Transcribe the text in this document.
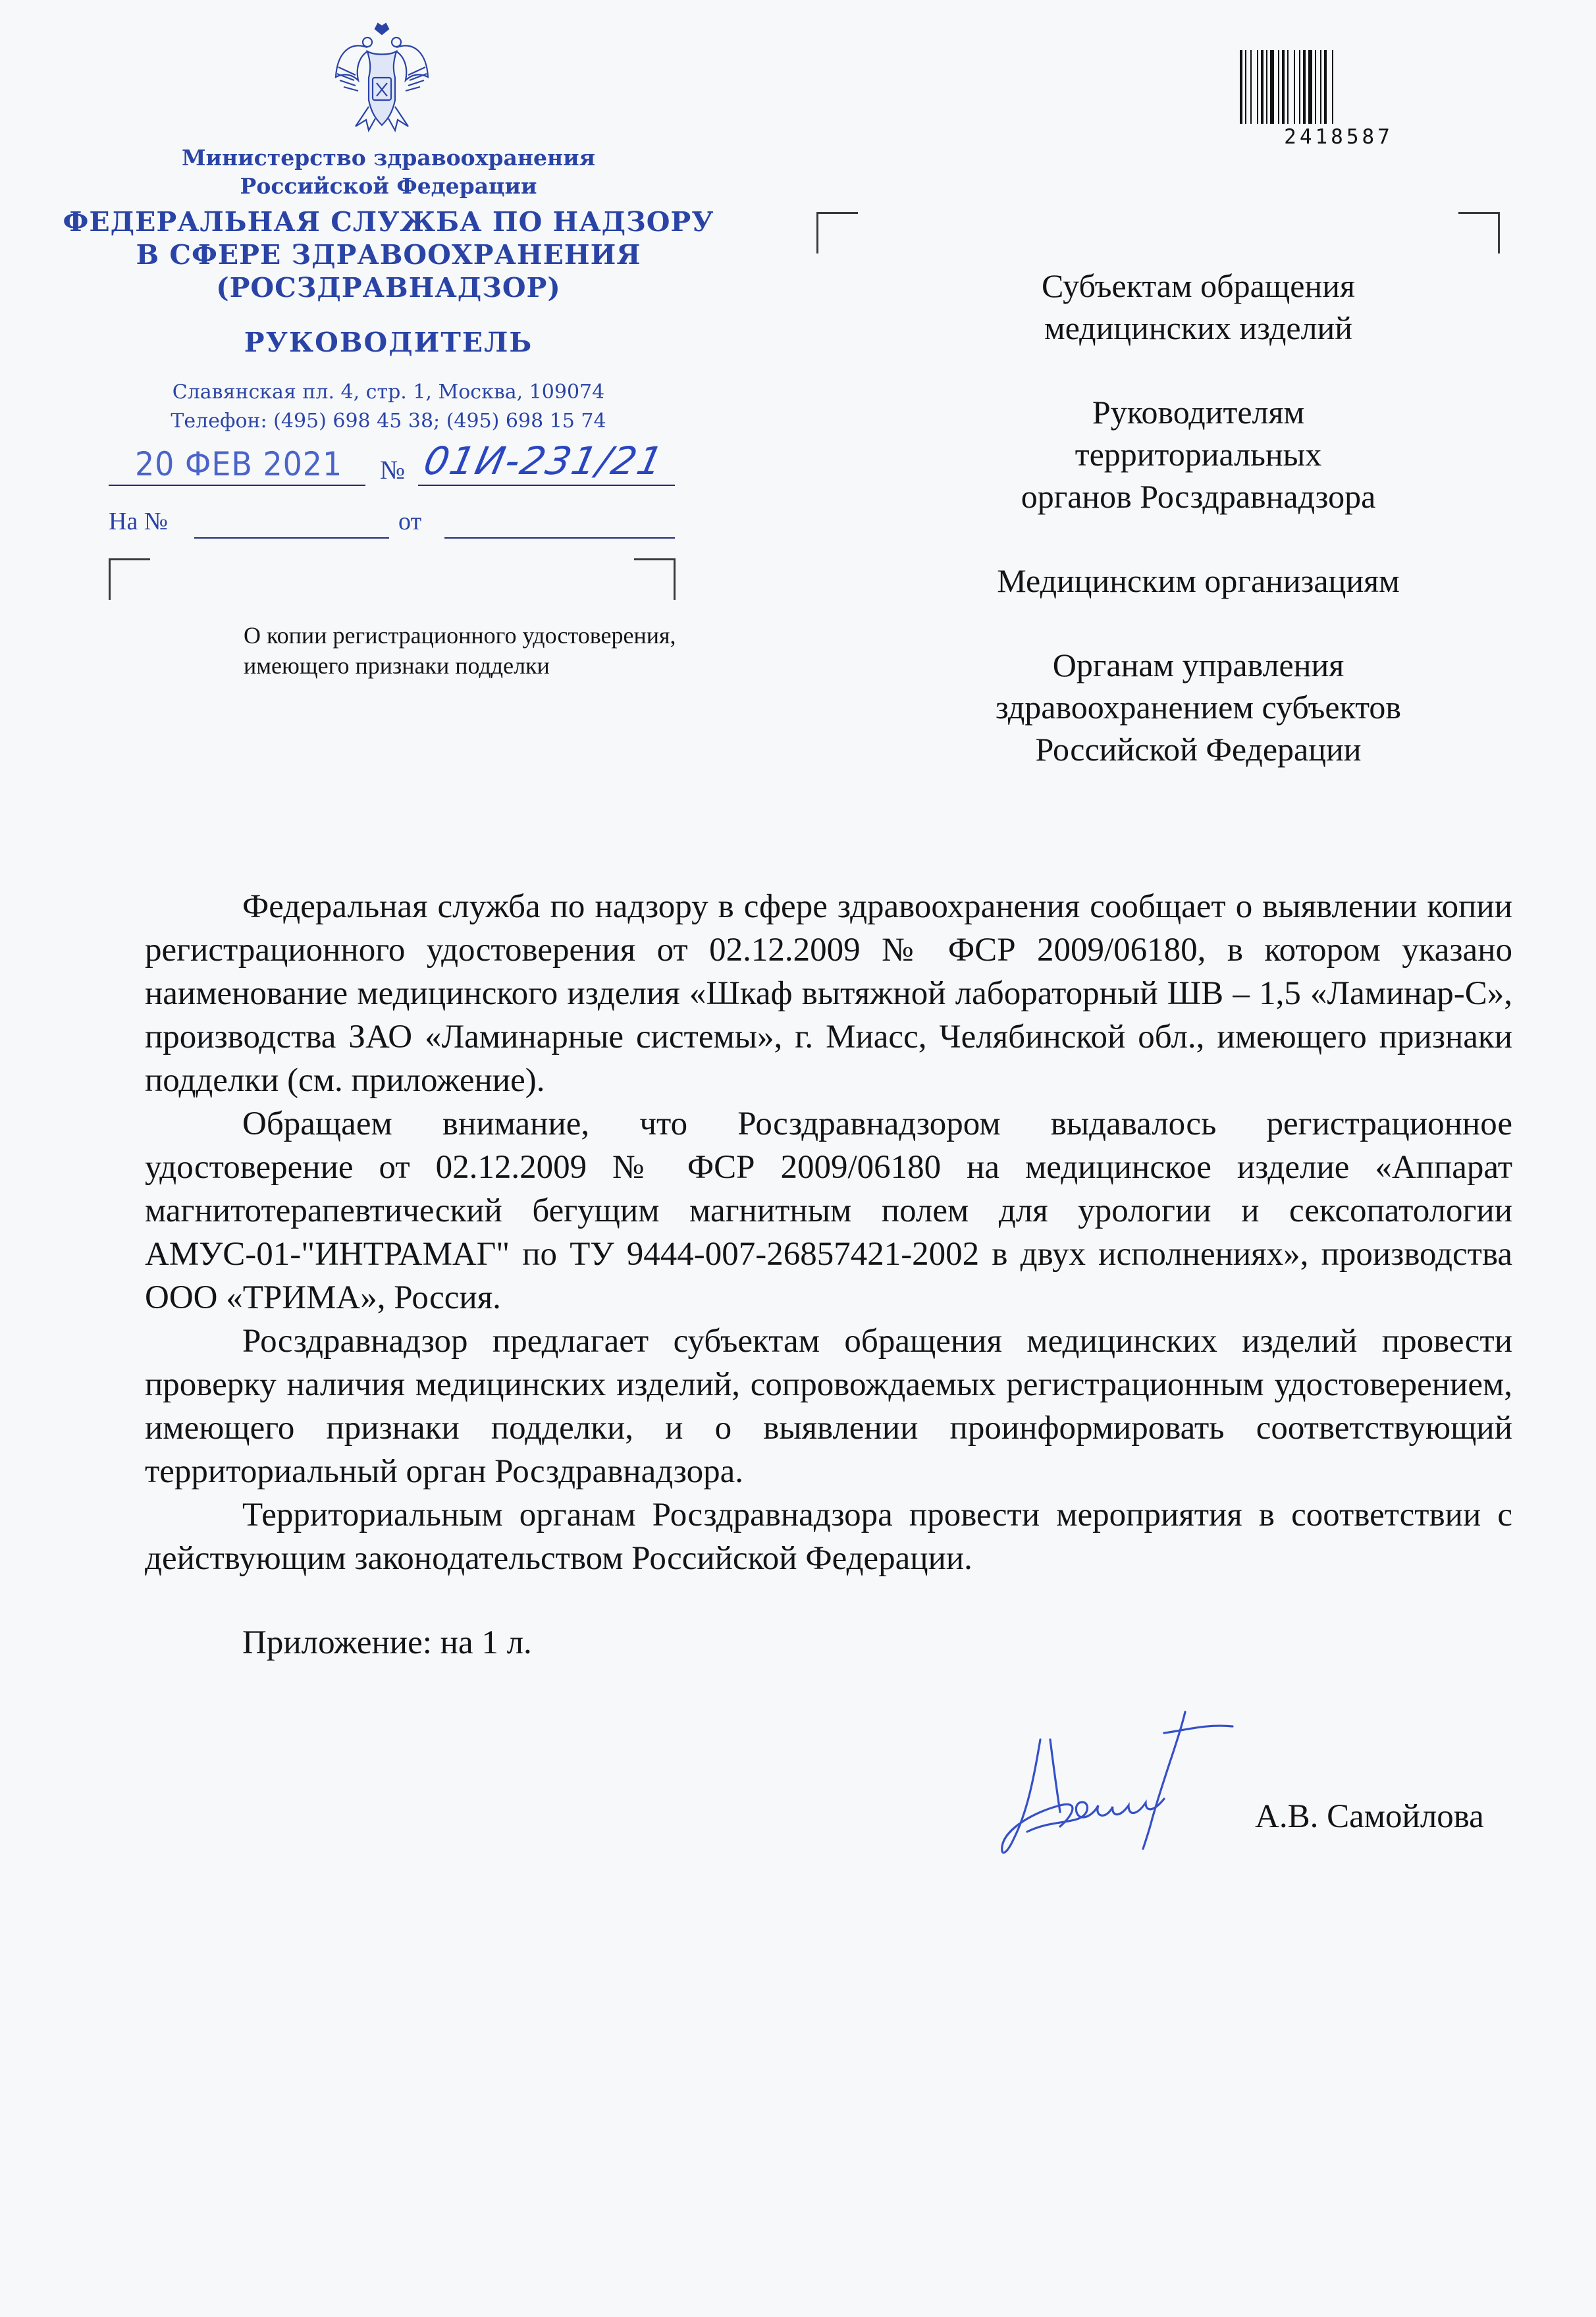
Министерство здравоохранения
Российской Федерации
ФЕДЕРАЛЬНАЯ СЛУЖБА ПО НАДЗОРУ
В СФЕРЕ ЗДРАВООХРАНЕНИЯ
(РОСЗДРАВНАДЗОР)
РУКОВОДИТЕЛЬ
Славянская пл. 4, стр. 1, Москва, 109074
Телефон: (495) 698 45 38; (495) 698 15 74
20 ФЕВ 2021 № 01И-231/21
На №	от
О копии регистрационного удостоверения,
имеющего признаки подделки
2418587
Субъектам обращения
медицинских изделий
Руководителям
территориальных
органов Росздравнадзора
Медицинским организациям
Органам управления
здравоохранением субъектов
Российской Федерации

Федеральная служба по надзору в сфере здравоохранения сообщает о выявлении копии регистрационного удостоверения от 02.12.2009 № ФСР 2009/06180, в котором указано наименование медицинского изделия «Шкаф вытяжной лабораторный ШВ – 1,5 «Ламинар-С», производства ЗАО «Ламинарные системы», г. Миасс, Челябинской обл., имеющего признаки подделки (см. приложение).

Обращаем внимание, что Росздравнадзором выдавалось регистрационное удостоверение от 02.12.2009 № ФСР 2009/06180 на медицинское изделие «Аппарат магнитотерапевтический бегущим магнитным полем для урологии и сексопатологии АМУС-01-"ИНТРАМАГ" по ТУ 9444-007-26857421-2002 в двух исполнениях», производства ООО «ТРИМА», Россия.

Росздравнадзор предлагает субъектам обращения медицинских изделий провести проверку наличия медицинских изделий, сопровождаемых регистрационным удостоверением, имеющего признаки подделки, и о выявлении проинформировать соответствующий территориальный орган Росздравнадзора.

Территориальным органам Росздравнадзора провести мероприятия в соответствии с действующим законодательством Российской Федерации.

Приложение: на 1 л.
А.В. Самойлова
